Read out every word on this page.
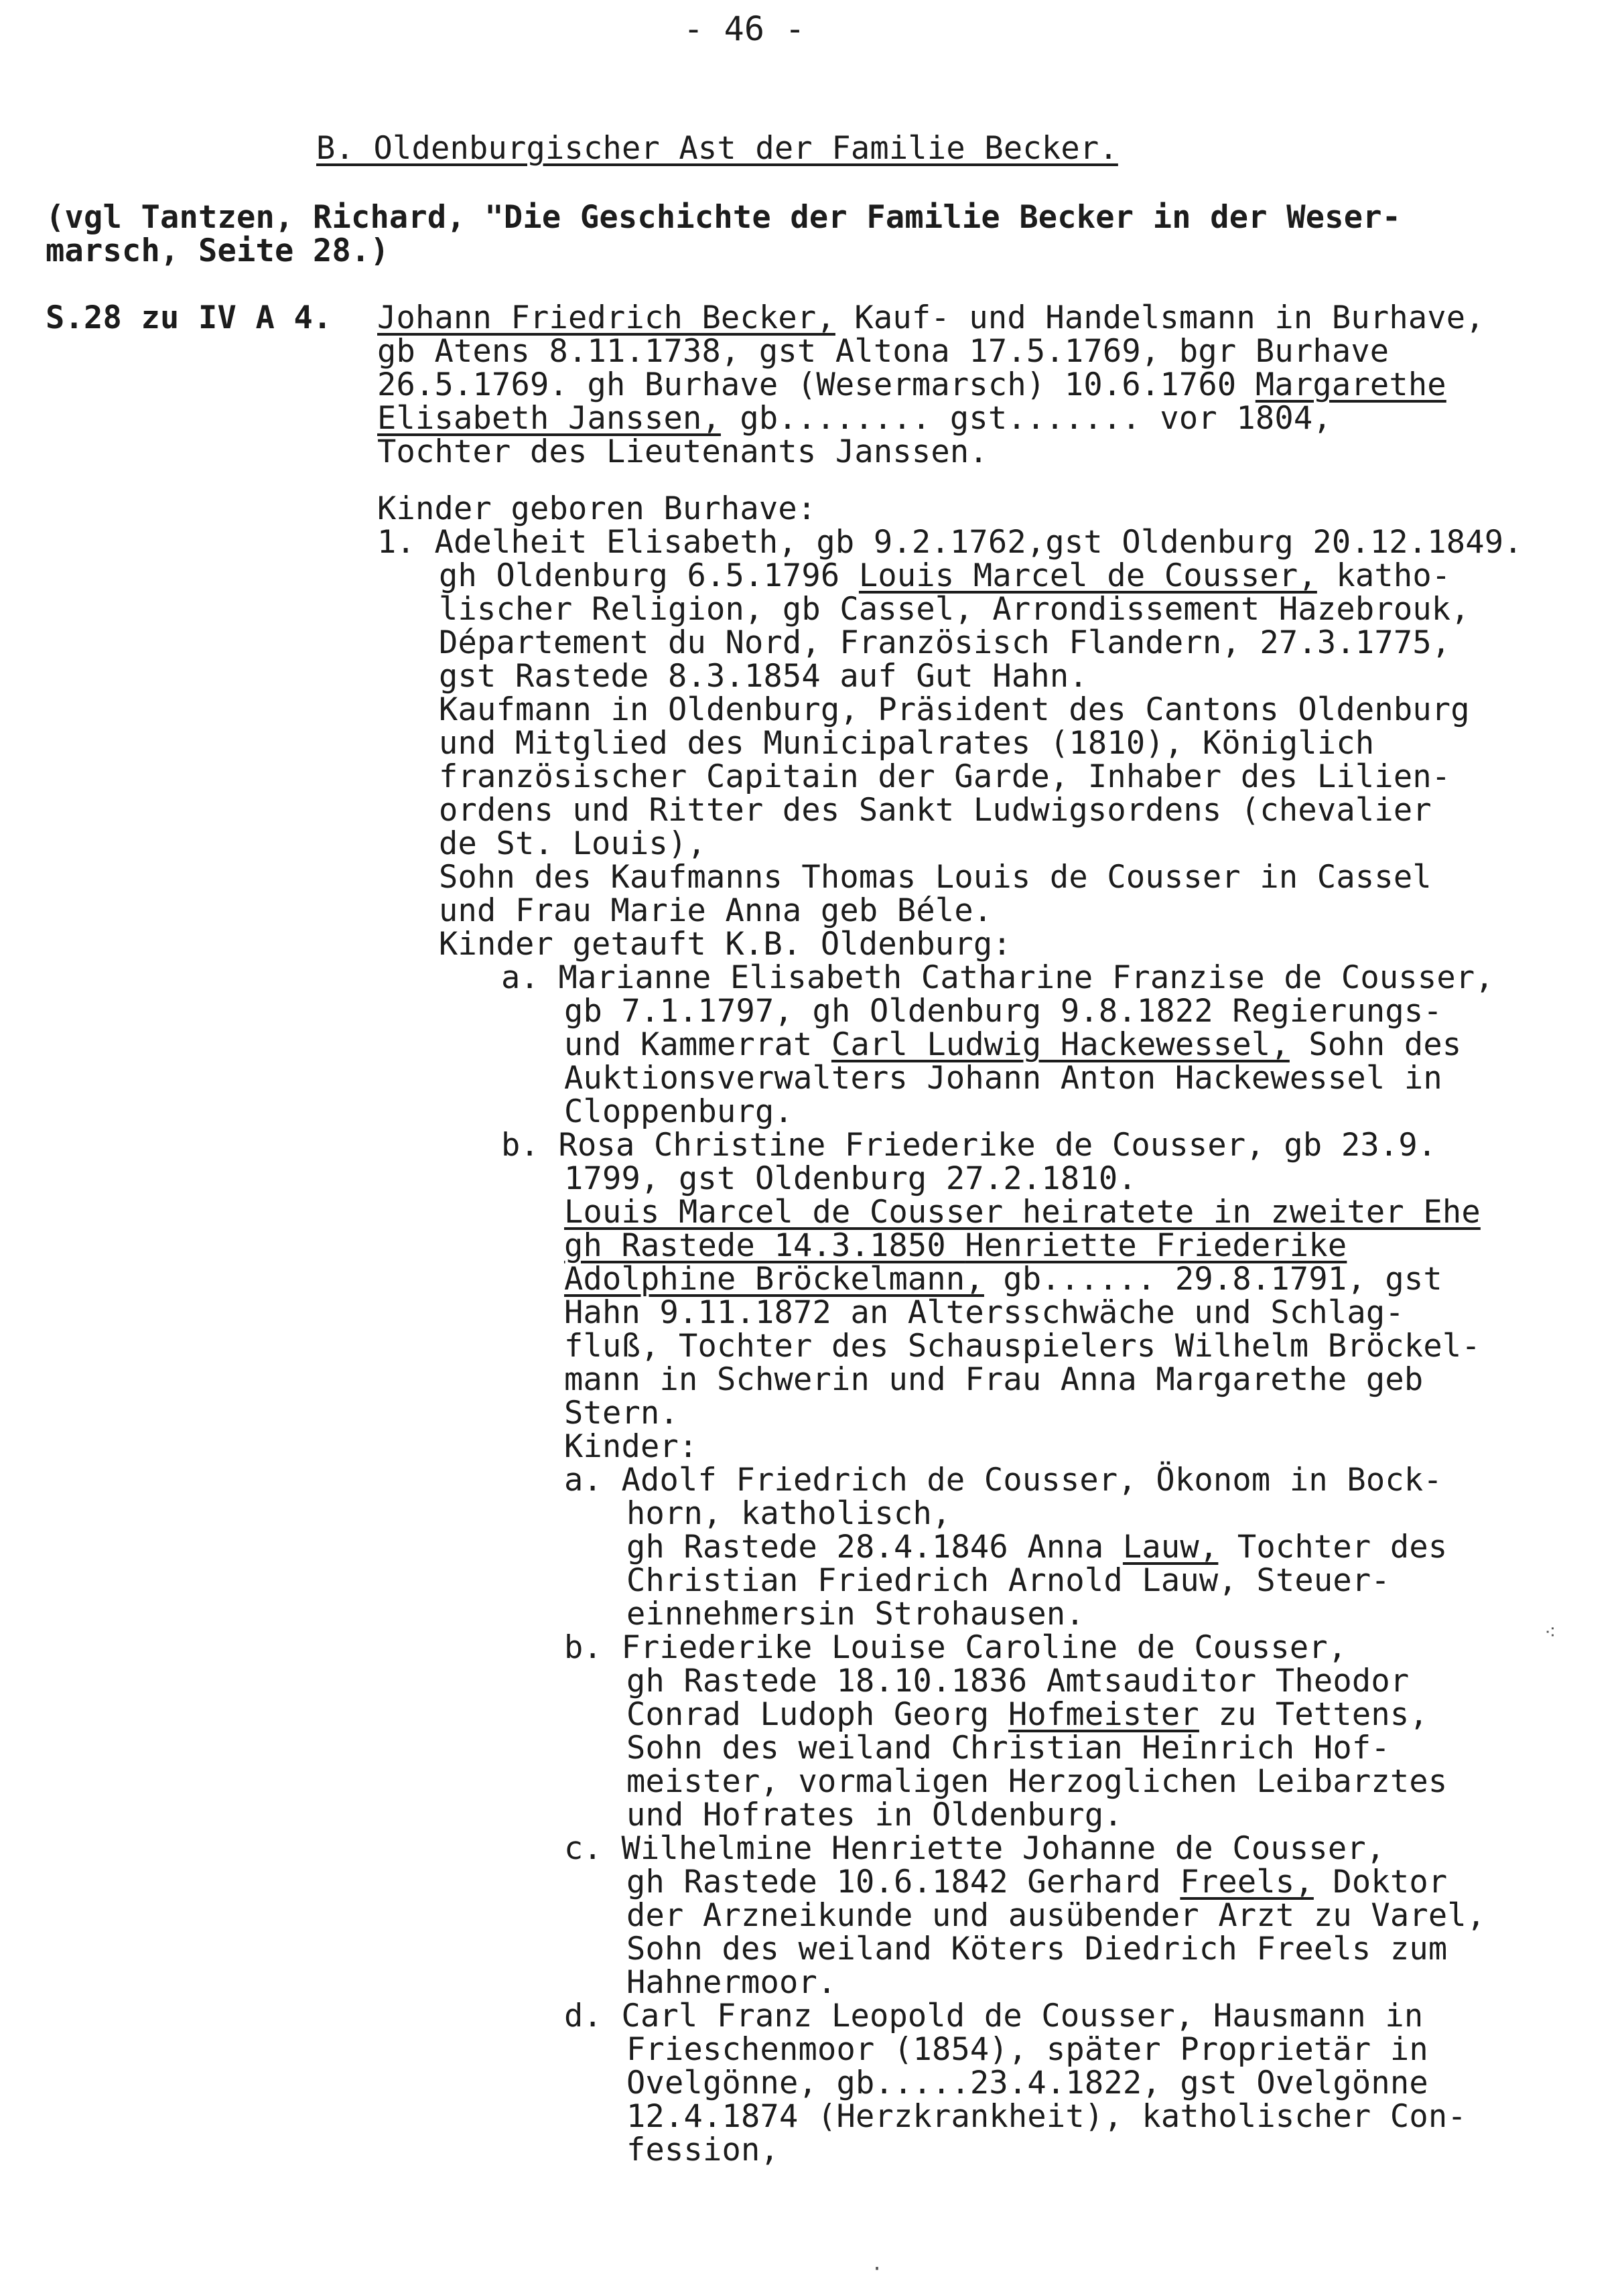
- 46 -
B. Oldenburgischer Ast der Familie Becker.
(vgl Tantzen, Richard, "Die Geschichte der Familie Becker in der Weser-
marsch, Seite 28.)
S.28 zu IV A 4. Johann Friedrich Becker, Kauf- und Handelsmann in Burhave,
gb Atens 8.11.1738, gst Altona 17.5.1769, bgr Burhave
26.5.1769. gh Burhave (Wesermarsch) 10.6.1760 Margarethe
Elisabeth Janssen, gb........ gst....... vor 1804,
Tochter des Lieutenants Janssen.
Kinder geboren Burhave:
1. Adelheit Elisabeth, gb 9.2.1762,gst Oldenburg 20.12.1849.
gh Oldenburg 6.5.1796 Louis Marcel de Cousser, katho-
lischer Religion, gb Cassel, Arrondissement Hazebrouk,
Département du Nord, Französisch Flandern, 27.3.1775,
gst Rastede 8.3.1854 auf Gut Hahn.
Kaufmann in Oldenburg, Präsident des Cantons Oldenburg
und Mitglied des Municipalrates (1810), Königlich
französischer Capitain der Garde, Inhaber des Lilien-
ordens und Ritter des Sankt Ludwigsordens (chevalier
de St. Louis),
Sohn des Kaufmanns Thomas Louis de Cousser in Cassel
und Frau Marie Anna geb Béle.
Kinder getauft K.B. Oldenburg:
a. Marianne Elisabeth Catharine Franzise de Cousser,
gb 7.1.1797, gh Oldenburg 9.8.1822 Regierungs-
und Kammerrat Carl Ludwig Hackewessel, Sohn des
Auktionsverwalters Johann Anton Hackewessel in
Cloppenburg.
b. Rosa Christine Friederike de Cousser, gb 23.9.
1799, gst Oldenburg 27.2.1810.
Louis Marcel de Cousser heiratete in zweiter Ehe
gh Rastede 14.3.1850 Henriette Friederike
Adolphine Bröckelmann, gb...... 29.8.1791, gst
Hahn 9.11.1872 an Altersschwäche und Schlag-
fluß, Tochter des Schauspielers Wilhelm Bröckel-
mann in Schwerin und Frau Anna Margarethe geb
Stern.
Kinder:
a. Adolf Friedrich de Cousser, Ökonom in Bock-
horn, katholisch,
gh Rastede 28.4.1846 Anna Lauw, Tochter des
Christian Friedrich Arnold Lauw, Steuer-
einnehmersin Strohausen.
b. Friederike Louise Caroline de Cousser,
gh Rastede 18.10.1836 Amtsauditor Theodor
Conrad Ludoph Georg Hofmeister zu Tettens,
Sohn des weiland Christian Heinrich Hof-
meister, vormaligen Herzoglichen Leibarztes
und Hofrates in Oldenburg.
c. Wilhelmine Henriette Johanne de Cousser,
gh Rastede 10.6.1842 Gerhard Freels, Doktor
der Arzneikunde und ausübender Arzt zu Varel,
Sohn des weiland Köters Diedrich Freels zum
Hahnermoor.
d. Carl Franz Leopold de Cousser, Hausmann in
Frieschenmoor (1854), später Proprietär in
Ovelgönne, gb.....23.4.1822, gst Ovelgönne
12.4.1874 (Herzkrankheit), katholischer Con-
fession,
⁖
·
